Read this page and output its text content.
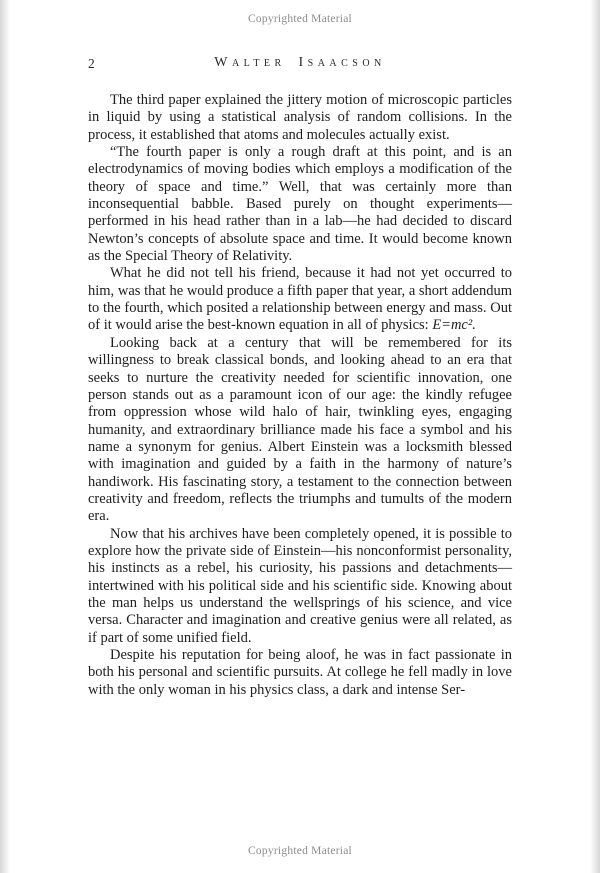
Copyrighted Material
2	Walter Isaacson

The third paper explained the jittery motion of microscopic particles in liquid by using a statistical analysis of random collisions. In the process, it established that atoms and molecules actually exist.

“The fourth paper is only a rough draft at this point, and is an electrodynamics of moving bodies which employs a modification of the theory of space and time.” Well, that was certainly more than inconsequential babble. Based purely on thought experiments—performed in his head rather than in a lab—he had decided to discard Newton’s concepts of absolute space and time. It would become known as the Special Theory of Relativity.

What he did not tell his friend, because it had not yet occurred to him, was that he would produce a fifth paper that year, a short addendum to the fourth, which posited a relationship between energy and mass. Out of it would arise the best-known equation in all of physics: E=mc².

Looking back at a century that will be remembered for its willingness to break classical bonds, and looking ahead to an era that seeks to nurture the creativity needed for scientific innovation, one person stands out as a paramount icon of our age: the kindly refugee from oppression whose wild halo of hair, twinkling eyes, engaging humanity, and extraordinary brilliance made his face a symbol and his name a synonym for genius. Albert Einstein was a locksmith blessed with imagination and guided by a faith in the harmony of nature’s handiwork. His fascinating story, a testament to the connection between creativity and freedom, reflects the triumphs and tumults of the modern era.

Now that his archives have been completely opened, it is possible to explore how the private side of Einstein—his nonconformist personality, his instincts as a rebel, his curiosity, his passions and detachments—intertwined with his political side and his scientific side. Knowing about the man helps us understand the wellsprings of his science, and vice versa. Character and imagination and creative genius were all related, as if part of some unified field.

Despite his reputation for being aloof, he was in fact passionate in both his personal and scientific pursuits. At college he fell madly in love with the only woman in his physics class, a dark and intense Ser-

Copyrighted Material
